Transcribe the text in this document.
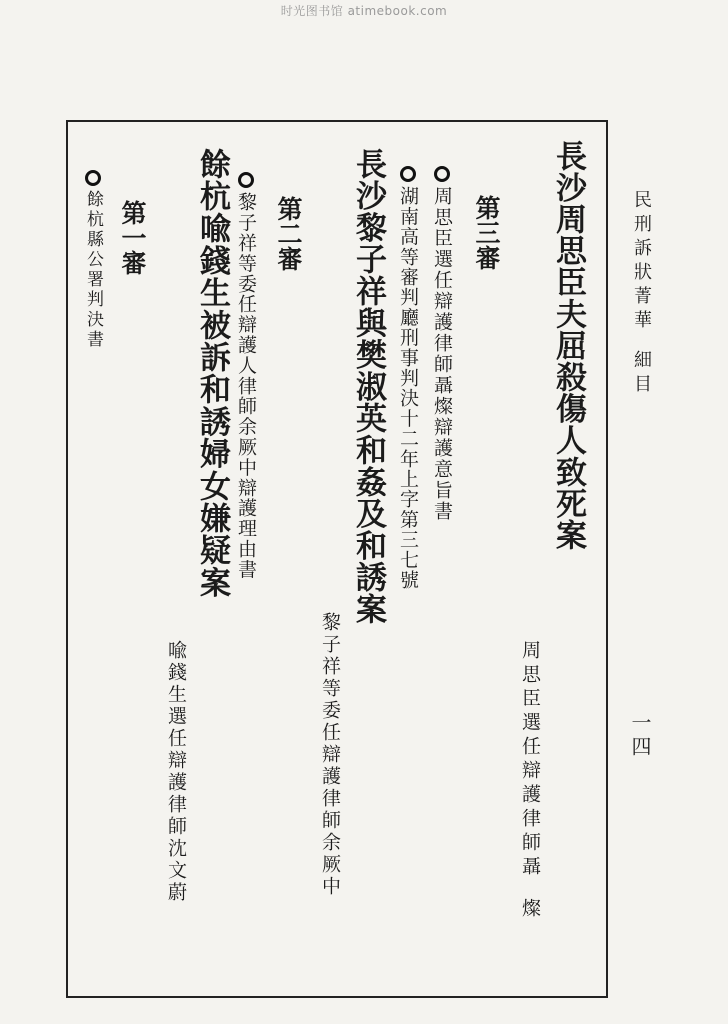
时光图书馆 atimebook.com
民刑訴狀菁華細目
一四
長沙周思臣夫屈殺傷人致死案
第三審
周思臣選任辯護律師聶燦辯護意旨書
湖南高等審判廳刑事判決十二年上字第三七號
周思臣選任辯護律師聶燦
長沙黎子祥與樊淑英和姦及和誘案
第二審
黎子祥等委任辯護人律師余厥中辯護理由書
黎子祥等委任辯護律師余厥中
餘杭喩錢生被訴和誘婦女嫌疑案
第一審
餘杭縣公署判決書
喩錢生選任辯護律師沈文蔚
